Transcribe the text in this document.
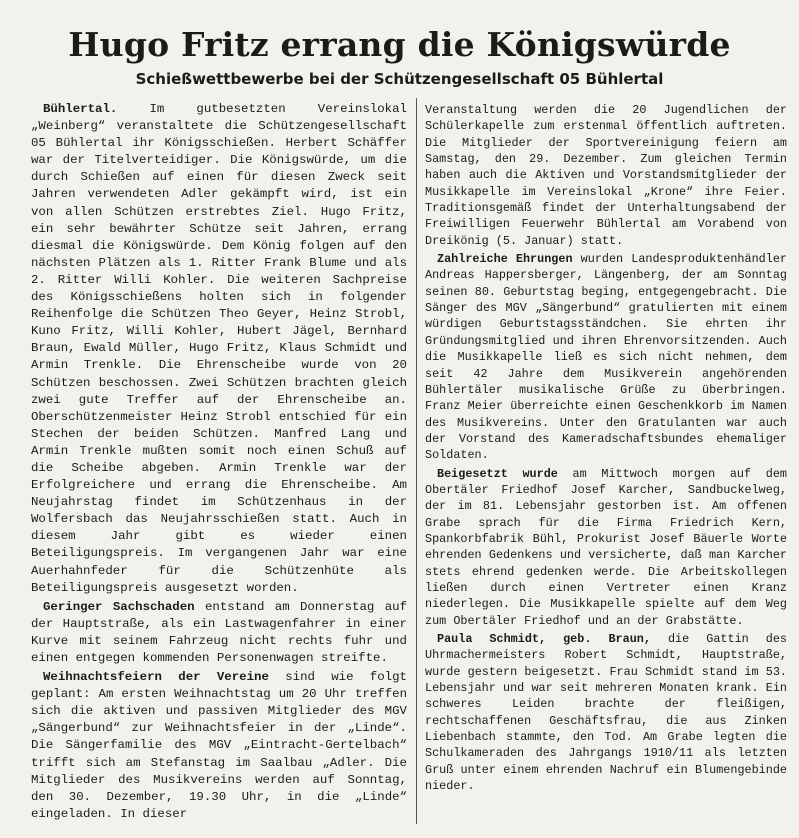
Hugo Fritz errang die Königswürde
Schießwettbewerbe bei der Schützengesellschaft 05 Bühlertal

Bühlertal. Im gutbesetzten Vereinslokal „Weinberg“ veranstaltete die Schützengesellschaft 05 Bühlertal ihr Königsschießen. Herbert Schäffer war der Titelverteidiger. Die Königswürde, um die durch Schießen auf einen für diesen Zweck seit Jahren verwendeten Adler gekämpft wird, ist ein von allen Schützen erstrebtes Ziel. Hugo Fritz, ein sehr bewährter Schütze seit Jahren, errang diesmal die Königswürde. Dem König folgen auf den nächsten Plätzen als 1. Ritter Frank Blume und als 2. Ritter Willi Kohler. Die weiteren Sachpreise des Königsschießens holten sich in folgender Reihenfolge die Schützen Theo Geyer, Heinz Strobl, Kuno Fritz, Willi Kohler, Hubert Jägel, Bernhard Braun, Ewald Müller, Hugo Fritz, Klaus Schmidt und Armin Trenkle. Die Ehrenscheibe wurde von 20 Schützen beschossen. Zwei Schützen brachten gleich zwei gute Treffer auf der Ehrenscheibe an. Oberschützenmeister Heinz Strobl entschied für ein Stechen der beiden Schützen. Manfred Lang und Armin Trenkle mußten somit noch einen Schuß auf die Scheibe abgeben. Armin Trenkle war der Erfolgreichere und errang die Ehrenscheibe. Am Neujahrstag findet im Schützenhaus in der Wolfersbach das Neujahrsschießen statt. Auch in diesem Jahr gibt es wieder einen Beteiligungspreis. Im vergangenen Jahr war eine Auerhahnfeder für die Schützenhüte als Beteiligungspreis ausgesetzt worden.

Geringer Sachschaden entstand am Donnerstag auf der Hauptstraße, als ein Lastwagenfahrer in einer Kurve mit seinem Fahrzeug nicht rechts fuhr und einen entgegen kommenden Personenwagen streifte.

Weihnachtsfeiern der Vereine sind wie folgt geplant: Am ersten Weihnachtstag um 20 Uhr treffen sich die aktiven und passiven Mitglieder des MGV „Sängerbund“ zur Weihnachtsfeier in der „Linde“. Die Sängerfamilie des MGV „Eintracht-Gertelbach“ trifft sich am Stefanstag im Saalbau „Adler. Die Mitglieder des Musikvereins werden auf Sonntag, den 30. Dezember, 19.30 Uhr, in die „Linde“ eingeladen. In dieser

Veranstaltung werden die 20 Jugendlichen der Schülerkapelle zum erstenmal öffentlich auftreten. Die Mitglieder der Sportvereinigung feiern am Samstag, den 29. Dezember. Zum gleichen Termin haben auch die Aktiven und Vorstandsmitglieder der Musikkapelle im Vereinslokal „Krone“ ihre Feier. Traditionsgemäß findet der Unterhaltungsabend der Freiwilligen Feuerwehr Bühlertal am Vorabend von Dreikönig (5. Januar) statt.

Zahlreiche Ehrungen wurden Landesproduktenhändler Andreas Happersberger, Längenberg, der am Sonntag seinen 80. Geburtstag beging, entgegengebracht. Die Sänger des MGV „Sängerbund“ gratulierten mit einem würdigen Geburtstagsständchen. Sie ehrten ihr Gründungsmitglied und ihren Ehrenvorsitzenden. Auch die Musikkapelle ließ es sich nicht nehmen, dem seit 42 Jahre dem Musikverein angehörenden Bühlertäler musikalische Grüße zu überbringen. Franz Meier überreichte einen Geschenkkorb im Namen des Musikvereins. Unter den Gratulanten war auch der Vorstand des Kameradschaftsbundes ehemaliger Soldaten.

Beigesetzt wurde am Mittwoch morgen auf dem Obertäler Friedhof Josef Karcher, Sandbuckelweg, der im 81. Lebensjahr gestorben ist. Am offenen Grabe sprach für die Firma Friedrich Kern, Spankorbfabrik Bühl, Prokurist Josef Bäuerle Worte ehrenden Gedenkens und versicherte, daß man Karcher stets ehrend gedenken werde. Die Arbeitskollegen ließen durch einen Vertreter einen Kranz niederlegen. Die Musikkapelle spielte auf dem Weg zum Obertäler Friedhof und an der Grabstätte.

Paula Schmidt, geb. Braun, die Gattin des Uhrmachermeisters Robert Schmidt, Hauptstraße, wurde gestern beigesetzt. Frau Schmidt stand im 53. Lebensjahr und war seit mehreren Monaten krank. Ein schweres Leiden brachte der fleißigen, rechtschaffenen Geschäftsfrau, die aus Zinken Liebenbach stammte, den Tod. Am Grabe legten die Schulkameraden des Jahrgangs 1910/11 als letzten Gruß unter einem ehrenden Nachruf ein Blumengebinde nieder.
